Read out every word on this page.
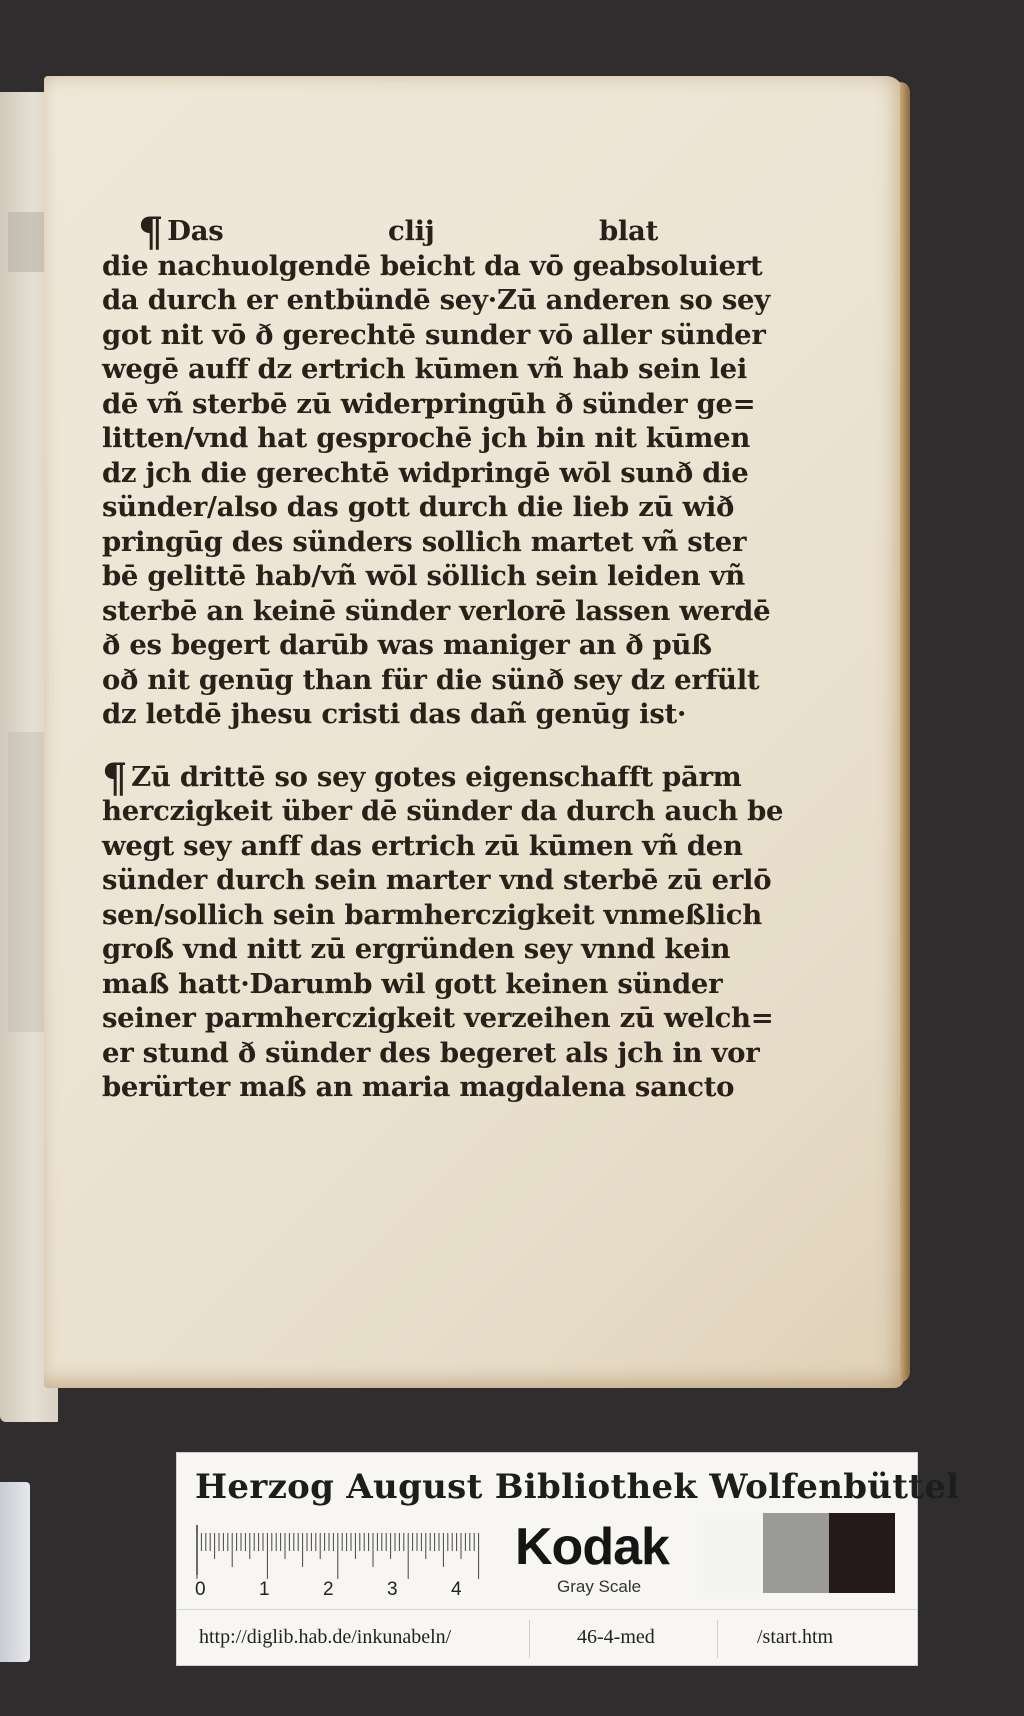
¶ Das	clij	blat

die nachuolgendē beicht da vō geabsoluiert
da durch er entbündē sey·Zū anderen so sey
got nit vō ð gerechtē sunder vō aller sünder
wegē auff dz ertrich kūmen vñ hab sein lei
dē vñ sterbē zū widerpringūh ð sünder ge=
litten/vnd hat gesprochē jch bin nit kūmen
dz jch die gerechtē widpringē wōl sunð die
sünder/also das gott durch die lieb zū wið
pringūg des sünders sollich martet vñ ster
bē gelittē hab/vñ wōl söllich sein leiden vñ
sterbē an keinē sünder verlorē lassen werdē
ð es begert darūb was maniger an ð pūß
oð nit genūg than für die sünð sey dz erfült
dz letdē jhesu cristi das dañ genūg ist·

¶ Zū drittē so sey gotes eigenschafft pārm
herczigkeit über dē sünder da durch auch be
wegt sey anff das ertrich zū kūmen vñ den
sünder durch sein marter vnd sterbē zū erlō
sen/sollich sein barmherczigkeit vnmeßlich
groß vnd nitt zū ergründen sey vnnd kein
maß hatt·Darumb wil gott keinen sünder
seiner parmherczigkeit verzeihen zū welch=
er stund ð sünder des begeret als jch in vor
berürter maß an maria magdalena sancto

Herzog August Bibliothek Wolfenbüttel
0	1	2	3	4
Kodak
Gray Scale
http://diglib.hab.de/inkunabeln/	46-4-med	/start.htm
